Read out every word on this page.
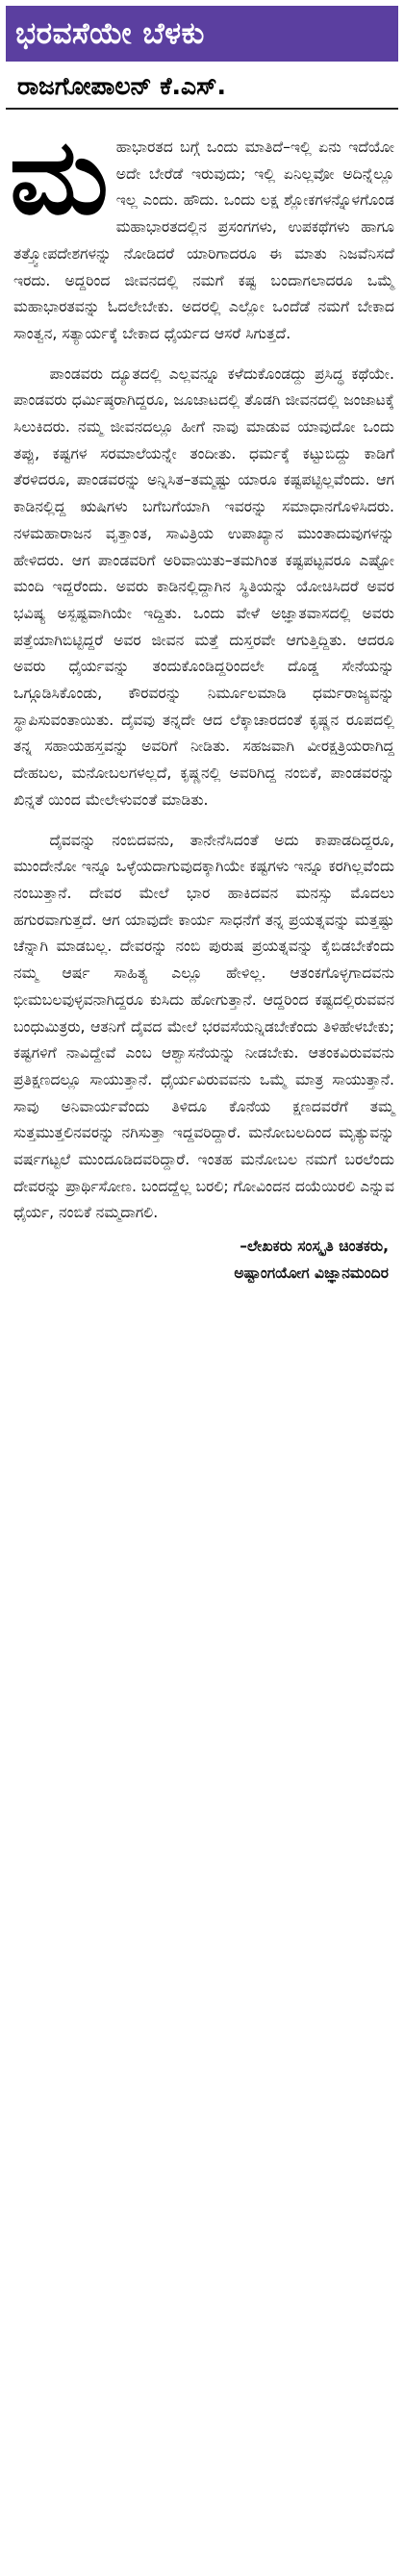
ಭರವಸೆಯೇ ಬೆಳಕು
ರಾಜಗೋಪಾಲನ್ ಕೆ.ಎಸ್.

ಮಹಾಭಾರತದ ಬಗ್ಗೆ ಒಂದು ಮಾತಿದೆ–ಇಲ್ಲಿ ಏನು ಇದೆಯೋ ಅದೇ ಬೇರೆಡೆ ಇರುವುದು; ಇಲ್ಲಿ ಏನಿಲ್ಲವೋ ಅದಿನ್ನೆಲ್ಲೂ ಇಲ್ಲ ಎಂದು. ಹೌದು. ಒಂದು ಲಕ್ಷ ಶ್ಲೋಕಗಳನ್ನೊಳಗೊಂಡ ಮಹಾಭಾರತದಲ್ಲಿನ ಪ್ರಸಂಗಗಳು, ಉಪಕಥೆಗಳು ಹಾಗೂ ತತ್ತ್ವೋಪದೇಶಗಳನ್ನು ನೋಡಿದರೆ ಯಾರಿಗಾದರೂ ಈ ಮಾತು ನಿಜವೆನಿಸದೆ ಇರದು. ಅದ್ದರಿಂದ ಜೀವನದಲ್ಲಿ ನಮಗೆ ಕಷ್ಟ ಬಂದಾಗಲಾದರೂ ಒಮ್ಮೆ ಮಹಾಭಾರತವನ್ನು ಓದಲೇಬೇಕು. ಅದರಲ್ಲಿ ಎಲ್ಲೋ ಒಂದೆಡೆ ನಮಗೆ ಬೇಕಾದ ಸಾಂತ್ವನ, ಸತ್ಯಾರ್ಯಕ್ಕೆ ಬೇಕಾದ ಧೈರ್ಯದ ಆಸರೆ ಸಿಗುತ್ತದೆ.

ಪಾಂಡವರು ದ್ಯೂತದಲ್ಲಿ ಎಲ್ಲವನ್ನೂ ಕಳೆದುಕೊಂಡದ್ದು ಪ್ರಸಿದ್ಧ ಕಥೆಯೇ. ಪಾಂಡವರು ಧರ್ಮಿಷ್ಠರಾಗಿದ್ದರೂ, ಜೂಜಾಟದಲ್ಲಿ ತೊಡಗಿ ಜೀವನದಲ್ಲಿ ಜಂಜಾಟಕ್ಕೆ ಸಿಲುಕಿದರು. ನಮ್ಮ ಜೀವನದಲ್ಲೂ ಹೀಗೆ ನಾವು ಮಾಡುವ ಯಾವುದೋ ಒಂದು ತಪ್ಪು, ಕಷ್ಟಗಳ ಸರಮಾಲೆಯನ್ನೇ ತಂದೀತು. ಧರ್ಮಕ್ಕೆ ಕಟ್ಟುಬಿದ್ದು ಕಾಡಿಗೆ ತೆರಳಿದರೂ, ಪಾಂಡವರನ್ನು ಅನ್ನಿಸಿತ–ತಮ್ಮಷ್ಟು ಯಾರೂ ಕಷ್ಟಪಟ್ಟಿಲ್ಲವೆಂದು. ಆಗ ಕಾಡಿನಲ್ಲಿದ್ದ ಋಷಿಗಳು ಬಗೆಬಗೆಯಾಗಿ ಇವರನ್ನು ಸಮಾಧಾನಗೊಳಿಸಿದರು. ನಳಮಹಾರಾಜನ ವೃತ್ತಾಂತ, ಸಾವಿತ್ರಿಯ ಉಪಾಖ್ಯಾನ ಮುಂತಾದುವುಗಳನ್ನು ಹೇಳಿದರು. ಆಗ ಪಾಂಡವರಿಗೆ ಅರಿವಾಯಿತು–ತಮಗಿಂತ ಕಷ್ಟಪಟ್ಟವರೂ ಎಷ್ಟೋ ಮಂದಿ ಇದ್ದರೆಂದು. ಅವರು ಕಾಡಿನಲ್ಲಿದ್ದಾಗಿನ ಸ್ಥಿತಿಯನ್ನು ಯೋಚಿಸಿದರೆ ಅವರ ಭವಿಷ್ಯ ಅಸ್ಪಷ್ಟವಾಗಿಯೇ ಇದ್ದಿತು. ಒಂದು ವೇಳೆ ಅಜ್ಞಾತವಾಸದಲ್ಲಿ ಅವರು ಪತ್ತೆಯಾಗಿಬಿಟ್ಟಿದ್ದರೆ ಅವರ ಜೀವನ ಮತ್ತೆ ದುಸ್ತರವೇ ಆಗುತ್ತಿದ್ದಿತು. ಆದರೂ ಅವರು ಧೈರ್ಯವನ್ನು ತಂದುಕೊಂಡಿದ್ದರಿಂದಲೇ ದೊಡ್ಡ ಸೇನೆಯನ್ನು ಒಗ್ಗೂಡಿಸಿಕೊಂಡು, ಕೌರವರನ್ನು ನಿರ್ಮೂಲಮಾಡಿ ಧರ್ಮರಾಜ್ಯವನ್ನು ಸ್ಥಾಪಿಸುವಂತಾಯಿತು. ದೈವವು ತನ್ನದೇ ಆದ ಲೆಕ್ಕಾಚಾರದಂತೆ ಕೃಷ್ಣನ ರೂಪದಲ್ಲಿ ತನ್ನ ಸಹಾಯಹಸ್ತವನ್ನು ಅವರಿಗೆ ನೀಡಿತು. ಸಹಜವಾಗಿ ವೀರಕ್ಷತ್ರಿಯರಾಗಿದ್ದ ದೇಹಬಲ, ಮನೋಬಲಗಳಲ್ಲದೆ, ಕೃಷ್ಣನಲ್ಲಿ ಅವರಿಗಿದ್ದ ನಂಬಿಕೆ, ಪಾಂಡವರನ್ನು ಖಿನ್ನತೆ ಯಿಂದ ಮೇಲೇಳುವಂತೆ ಮಾಡಿತು.

ದೈವವನ್ನು ನಂಬಿದವನು, ತಾನೇನೆಸಿದಂತೆ ಅದು ಕಾಪಾಡದಿದ್ದರೂ, ಮುಂದೇನೋ ಇನ್ನೂ ಒಳ್ಳೆಯದಾಗುವುದಕ್ಕಾಗಿಯೇ ಕಷ್ಟಗಳು ಇನ್ನೂ ಕರಗಿಲ್ಲವೆಂದು ನಂಬುತ್ತಾನೆ. ದೇವರ ಮೇಲೆ ಭಾರ ಹಾಕಿದವನ ಮನಸ್ಸು ಮೊದಲು ಹಗುರವಾಗುತ್ತದೆ. ಆಗ ಯಾವುದೇ ಕಾರ್ಯ ಸಾಧನೆಗೆ ತನ್ನ ಪ್ರಯತ್ನವನ್ನು ಮತ್ತಷ್ಟು ಚೆನ್ನಾಗಿ ಮಾಡಬಲ್ಲ. ದೇವರನ್ನು ನಂಬಿ ಪುರುಷ ಪ್ರಯತ್ನವನ್ನು ಕೈಬಿಡಬೇಕೆಂದು ನಮ್ಮ ಆರ್ಷ ಸಾಹಿತ್ಯ ಎಲ್ಲೂ ಹೇಳಿಲ್ಲ. ಆತಂಕಗೊಳ್ಳಗಾದವನು ಭೀಮಬಲವುಳ್ಳವನಾಗಿದ್ದರೂ ಕುಸಿದು ಹೋಗುತ್ತಾನೆ. ಆದ್ದರಿಂದ ಕಷ್ಟದಲ್ಲಿರುವವನ ಬಂಧುಮಿತ್ರರು, ಆತನಿಗೆ ದೈವದ ಮೇಲೆ ಭರವಸೆಯನ್ನಿಡಬೇಕೆಂದು ತಿಳಿಹೇಳಬೇಕು; ಕಷ್ಟಗಳಿಗೆ ನಾವಿದ್ದೇವೆ ಎಂಬ ಆಶ್ವಾಸನೆಯನ್ನು ನೀಡಬೇಕು. ಆತಂಕವಿರುವವನು ಪ್ರತಿಕ್ಷಣದಲ್ಲೂ ಸಾಯುತ್ತಾನೆ. ಧೈರ್ಯವಿರುವವನು ಒಮ್ಮೆ ಮಾತ್ರ ಸಾಯುತ್ತಾನೆ. ಸಾವು ಅನಿವಾರ್ಯವೆಂದು ತಿಳಿದೂ ಕೊನೆಯ ಕ್ಷಣದವರೆಗೆ ತಮ್ಮ ಸುತ್ತಮುತ್ತಲಿನವರನ್ನು ನಗಿಸುತ್ತಾ ಇದ್ದವರಿದ್ದಾರೆ. ಮನೋಬಲದಿಂದ ಮೃತ್ಯುವನ್ನು ವರ್ಷಗಟ್ಟಲೆ ಮುಂದೂಡಿದವರಿದ್ದಾರೆ. ಇಂತಹ ಮನೋಬಲ ನಮಗೆ ಬರಲೆಂದು ದೇವರನ್ನು ಪ್ರಾರ್ಥಿಸೋಣ. ಬಂದದ್ದೆಲ್ಲ ಬರಲಿ; ಗೋವಿಂದನ ದಯೆಯಿರಲಿ ಎನ್ನುವ ಧೈರ್ಯ, ನಂಬಿಕೆ ನಮ್ಮದಾಗಲಿ.

–ಲೇಖಕರು ಸಂಸ್ಕೃತಿ ಚಿಂತಕರು,
ಅಷ್ಟಾಂಗಯೋಗ ವಿಜ್ಞಾನಮಂದಿರ
